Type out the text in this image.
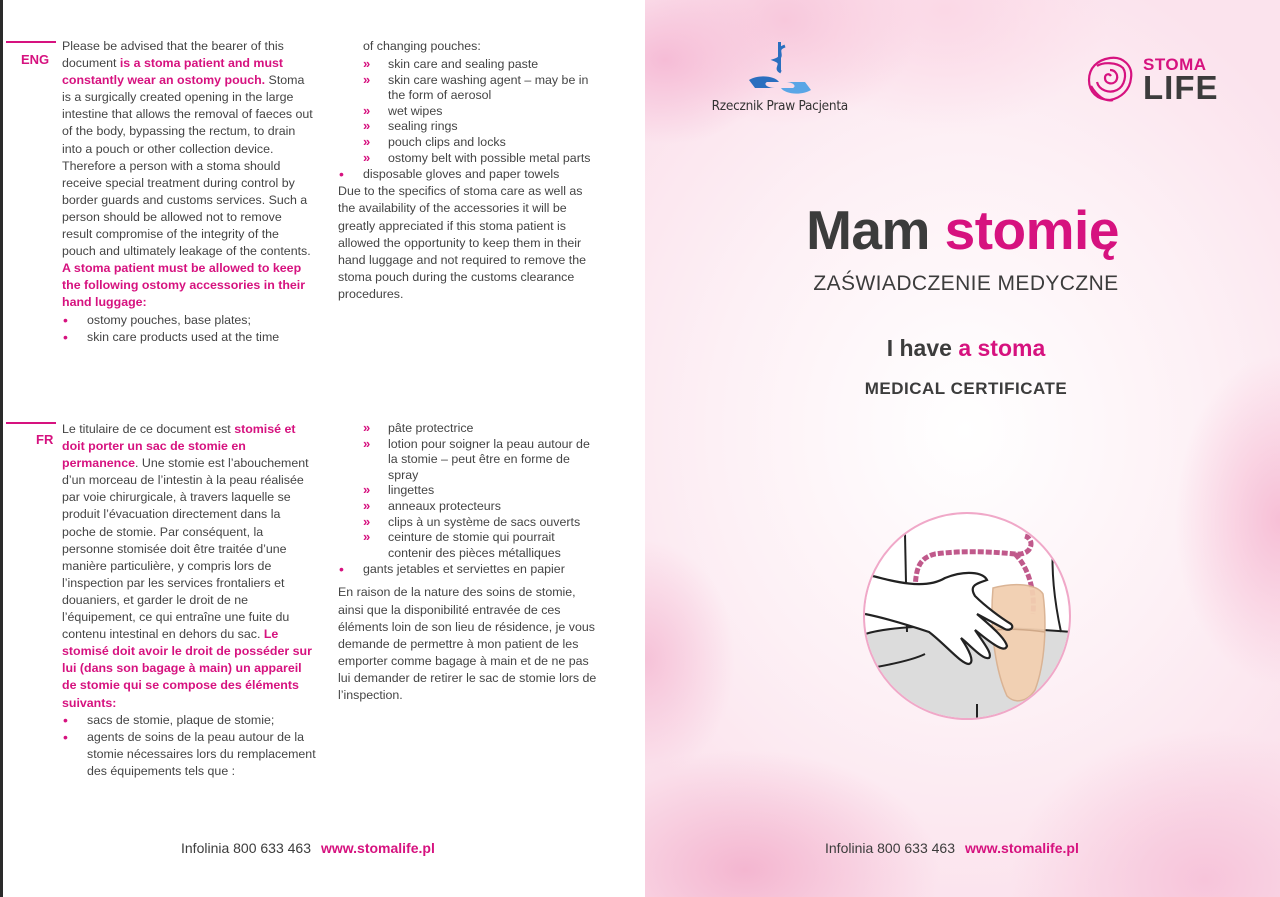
ENG

Please be advised that the bearer of this document is a stoma patient and must constantly wear an ostomy pouch. Stoma is a surgically created opening in the large intestine that allows the removal of faeces out of the body, bypassing the rectum, to drain into a pouch or other collection device. Therefore a person with a stoma should receive special treatment during control by border guards and customs services. Such a person should be allowed not to remove result compromise of the integrity of the pouch and ultimately leakage of the contents. A stoma patient must be allowed to keep the following ostomy accessories in their hand luggage:

• ostomy pouches, base plates;
• skin care products used at the time

of changing pouches:

» skin care and sealing paste
» skin care washing agent – may be in the form of aerosol
» wet wipes
» sealing rings
» pouch clips and locks
» ostomy belt with possible metal parts
• disposable gloves and paper towels

Due to the specifics of stoma care as well as the availability of the accessories it will be greatly appreciated if this stoma patient is allowed the opportunity to keep them in their hand luggage and not required to remove the stoma pouch during the customs clearance procedures.

FR

Le titulaire de ce document est stomisé et doit porter un sac de stomie en permanence. Une stomie est l’abouchement d’un morceau de l’intestin à la peau réalisée par voie chirurgicale, à travers laquelle se produit l’évacuation directement dans la poche de stomie. Par conséquent, la personne stomisée doit être traitée d’une manière particulière, y compris lors de l’inspection par les services frontaliers et douaniers, et garder le droit de ne l’équipement, ce qui entraîne une fuite du contenu intestinal en dehors du sac. Le stomisé doit avoir le droit de posséder sur lui (dans son bagage à main) un appareil de stomie qui se compose des éléments suivants:

• sacs de stomie, plaque de stomie;
• agents de soins de la peau autour de la stomie nécessaires lors du remplacement des équipements tels que :
» pâte protectrice
» lotion pour soigner la peau autour de la stomie – peut être en forme de spray
» lingettes
» anneaux protecteurs
» clips à un système de sacs ouverts
» ceinture de stomie qui pourrait contenir des pièces métalliques
• gants jetables et serviettes en papier

En raison de la nature des soins de stomie, ainsi que la disponibilité entravée de ces éléments loin de son lieu de résidence, je vous demande de permettre à mon patient de les emporter comme bagage à main et de ne pas lui demander de retirer le sac de stomie lors de l’inspection.

Infolinia 800 633 463 www.stomalife.pl
Rzecznik Praw Pacjenta
STOMA
LIFE
Mam stomię
ZAŚWIADCZENIE MEDYCZNE
I have a stoma
MEDICAL CERTIFICATE
Infolinia 800 633 463 www.stomalife.pl
